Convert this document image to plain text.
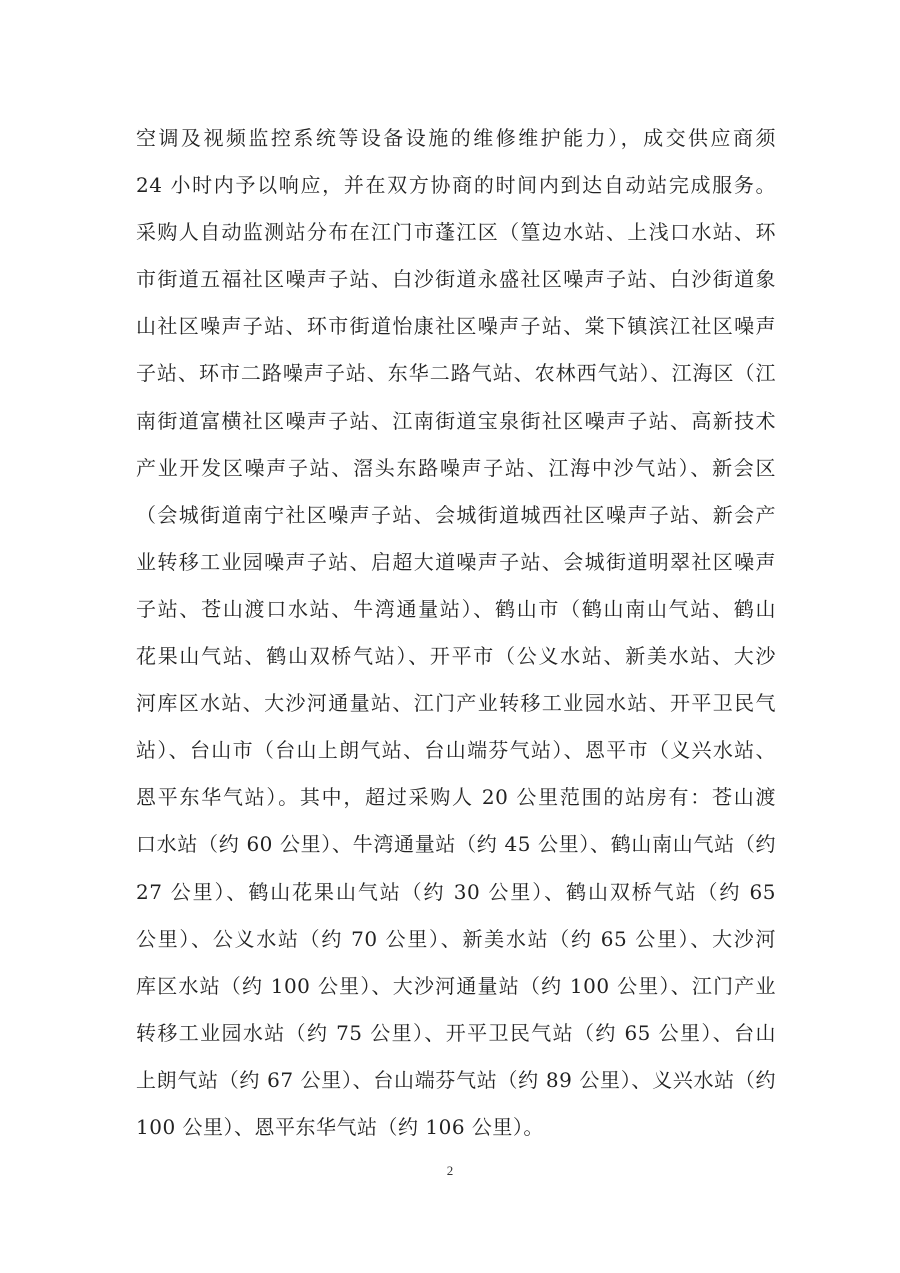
空调及视频监控系统等设备设施的维修维护能力），成交供应商须
24 小时内予以响应，并在双方协商的时间内到达自动站完成服务。
采购人自动监测站分布在江门市蓬江区（篁边水站、上浅口水站、环
市街道五福社区噪声子站、白沙街道永盛社区噪声子站、白沙街道象
山社区噪声子站、环市街道怡康社区噪声子站、棠下镇滨江社区噪声
子站、环市二路噪声子站、东华二路气站、农林西气站）、江海区（江
南街道富横社区噪声子站、江南街道宝泉街社区噪声子站、高新技术
产业开发区噪声子站、滘头东路噪声子站、江海中沙气站）、新会区
（会城街道南宁社区噪声子站、会城街道城西社区噪声子站、新会产
业转移工业园噪声子站、启超大道噪声子站、会城街道明翠社区噪声
子站、苍山渡口水站、牛湾通量站）、鹤山市（鹤山南山气站、鹤山
花果山气站、鹤山双桥气站）、开平市（公义水站、新美水站、大沙
河库区水站、大沙河通量站、江门产业转移工业园水站、开平卫民气
站）、台山市（台山上朗气站、台山端芬气站）、恩平市（义兴水站、
恩平东华气站）。其中，超过采购人 20 公里范围的站房有：苍山渡
口水站（约 60 公里）、牛湾通量站（约 45 公里）、鹤山南山气站（约
27 公里）、鹤山花果山气站（约 30 公里）、鹤山双桥气站（约 65
公里）、公义水站（约 70 公里）、新美水站（约 65 公里）、大沙河
库区水站（约 100 公里）、大沙河通量站（约 100 公里）、江门产业
转移工业园水站（约 75 公里）、开平卫民气站（约 65 公里）、台山
上朗气站（约 67 公里）、台山端芬气站（约 89 公里）、义兴水站（约
100 公里）、恩平东华气站（约 106 公里）。
2
